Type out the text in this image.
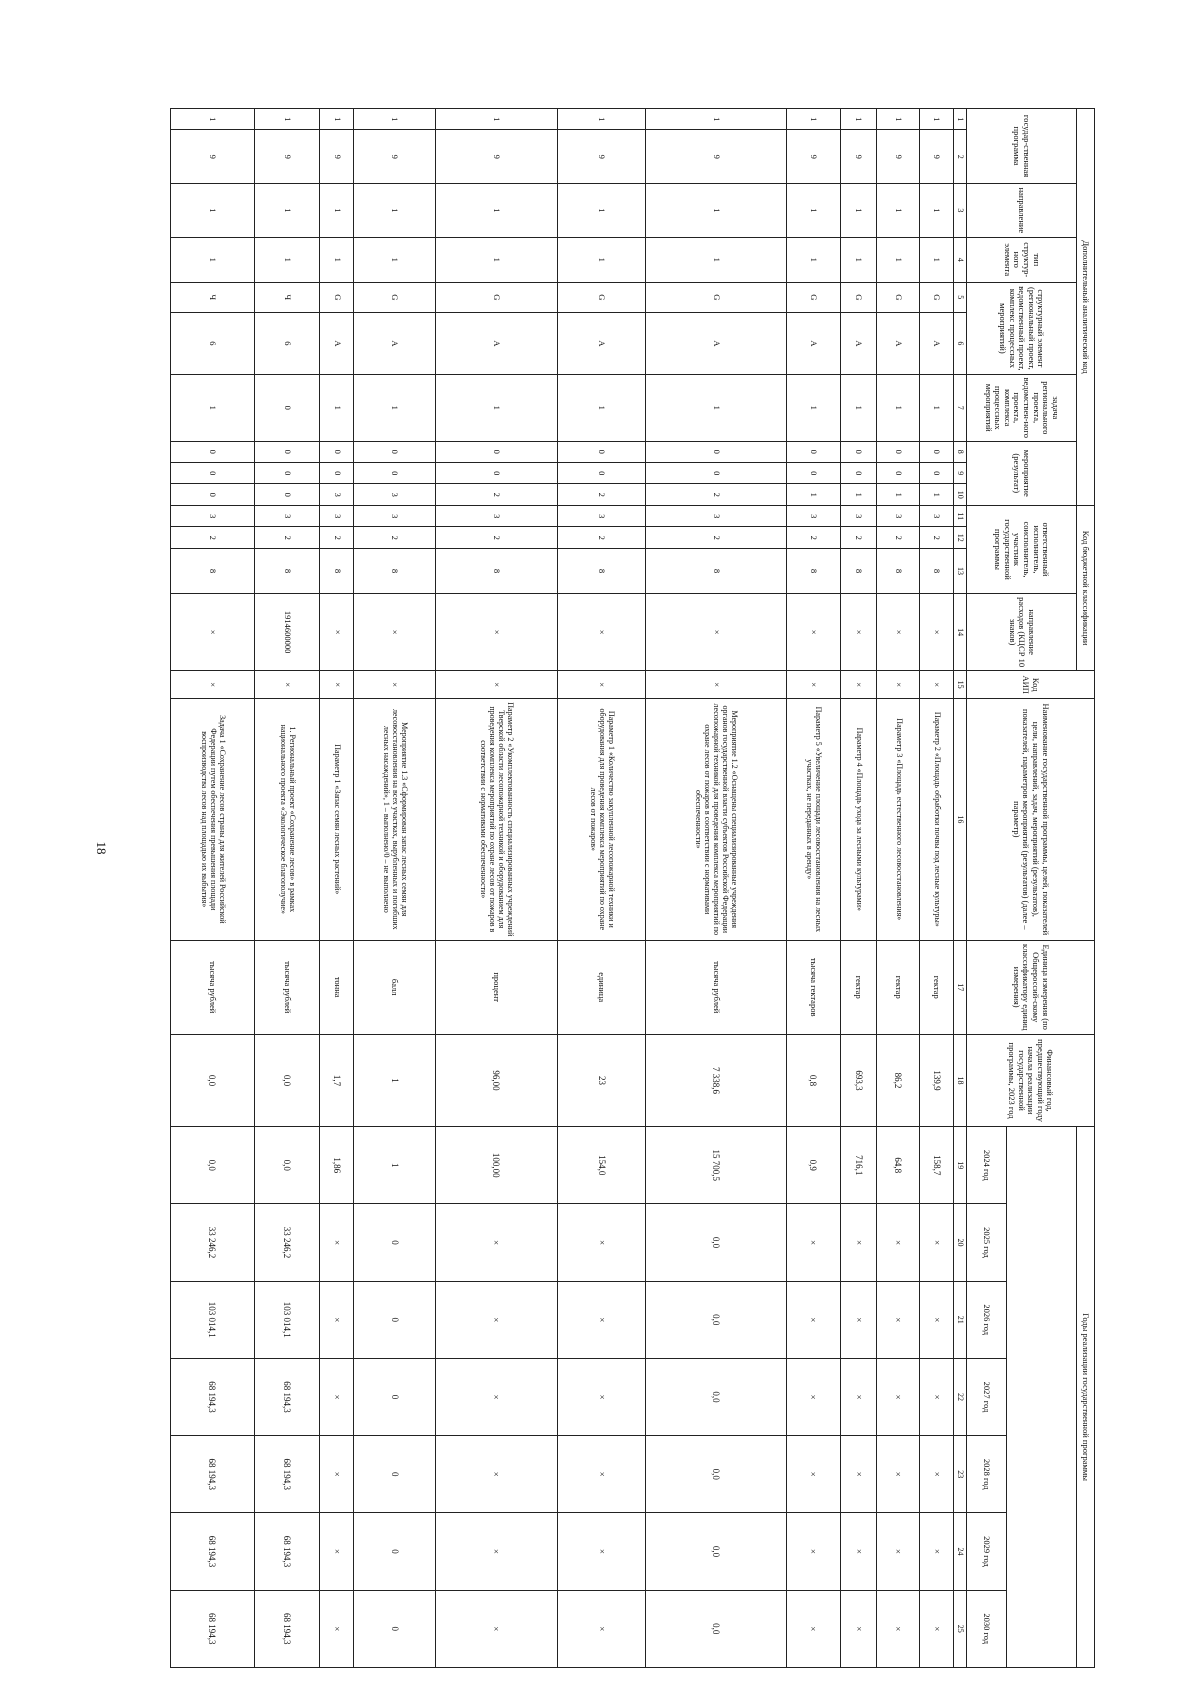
18
Дополнительный аналитический код										Код бюджетной классификации				Код АИП	Наименование государственной программы, целей, показателей цели, направлений, задач, мероприятий (результатов), показателей, параметров мероприятий (результатов) (далее – параметр)	Единица измерения (по Общероссий-скому классификатору единиц измерения)	Финансовый год, предшествующий году начала реализации государственной программы, 2023 год	Годы реализации государственной программы						
государ-ственная программа		направление	тип структур-ного элемента	структурный элемент (региональный проект, ведомственный проект, комплекс процессных мероприятий)		задача регионального проекта, ведомствен-ного проекта, комплекса процессных мероприятий	мероприятие (результат)			ответственный исполнитель, соисполнитель, участник государственной программы			направление расходов (КЦСР 10 знаков)											
																		2024 год	2025 год	2026 год	2027 год	2028 год	2029 год	2030 год
1	2	3	4	5	6	7	8	9	10	11	12	13	14	15	16	17	18	19	20	21	22	23	24	25
1	9	1	1	G	А	1	0	0	1	3	2	8	×	×	Параметр 2 «Площадь обработки почвы под лесные культуры»	гектар	139,9	158,7	×	×	×	×	×	×
1	9	1	1	G	А	1	0	0	1	3	2	8	×	×	Параметр 3 «Площадь естественного лесовосстановления»	гектар	86,2	64,8	×	×	×	×	×	×
1	9	1	1	G	А	1	0	0	1	3	2	8	×	×	Параметр 4 «Площадь ухода за лесными культурами»	гектар	693,3	716,1	×	×	×	×	×	×
1	9	1	1	G	А	1	0	0	1	3	2	8	×	×	Параметр 5 «Увеличение площади лесовосстановления на лесных участках, не переданных в аренду»	тысяча гектаров	0,8	0,9	×	×	×	×	×	×
1	9	1	1	G	А	1	0	0	2	3	2	8	×	×	Мероприятие 1.2 «Оснащены специализированные учреждения органов государственной власти субъектов Российской Федерации лесопожарной техникой для проведения комплекса мероприятий по охране лесов от пожаров в соответствии с нормативами обеспеченности»	тысяча рублей	7 338,6	15 700,5	0,0	0,0	0,0	0,0	0,0	0,0
1	9	1	1	G	А	1	0	0	2	3	2	8	×	×	Параметр 1 «Количество закупленной лесопожарной техники и оборудования для проведения комплекса мероприятий по охране лесов от пожаров»	единица	23	154,0	×	×	×	×	×	×
1	9	1	1	G	А	1	0	0	2	3	2	8	×	×	Параметр 2 «Укомплектованность специализированных учреждений Тверской области лесопожарной техникой и оборудованием для проведения комплекса мероприятий по охране лесов от пожаров в соответствии с нормативами обеспеченности»	процент	96,00	100,00	×	×	×	×	×	×
1	9	1	1	G	А	1	0	0	3	3	2	8	×	×	Мероприятие 1.3 «Сформирован запас лесных семян для лесовосстановления на всех участках, вырубленных и погибших лесных насаждений», 1 – выполнено/0 – не выполнено	балл	1	1	0	0	0	0	0	0
1	9	1	1	G	А	1	0	0	3	3	2	8	×	×	Параметр 1 «Запас семян лесных растений»	тонна	1,7	1,86	×	×	×	×	×	×
1	9	1	1	Ч	6	0	0	0	0	3	2	8	1914600000	×	1. Региональный проект «Сохранение лесов» в рамках национального проекта «Экологическое благополучие»	тысяча рублей	0,0	0,0	33 246,2	103 014,1	68 194,3	68 194,3	68 194,3	68 194,3
1	9	1	1	Ч	6	1	0	0	0	3	2	8	×	×	Задача 1 «Сохранение лесов страны для жителей Российской Федерации путем обеспечения превышения площади воспроизводства лесов над площадью их выбытия»	тысяча рублей	0,0	0,0	33 246,2	103 014,1	68 194,3	68 194,3	68 194,3	68 194,3
